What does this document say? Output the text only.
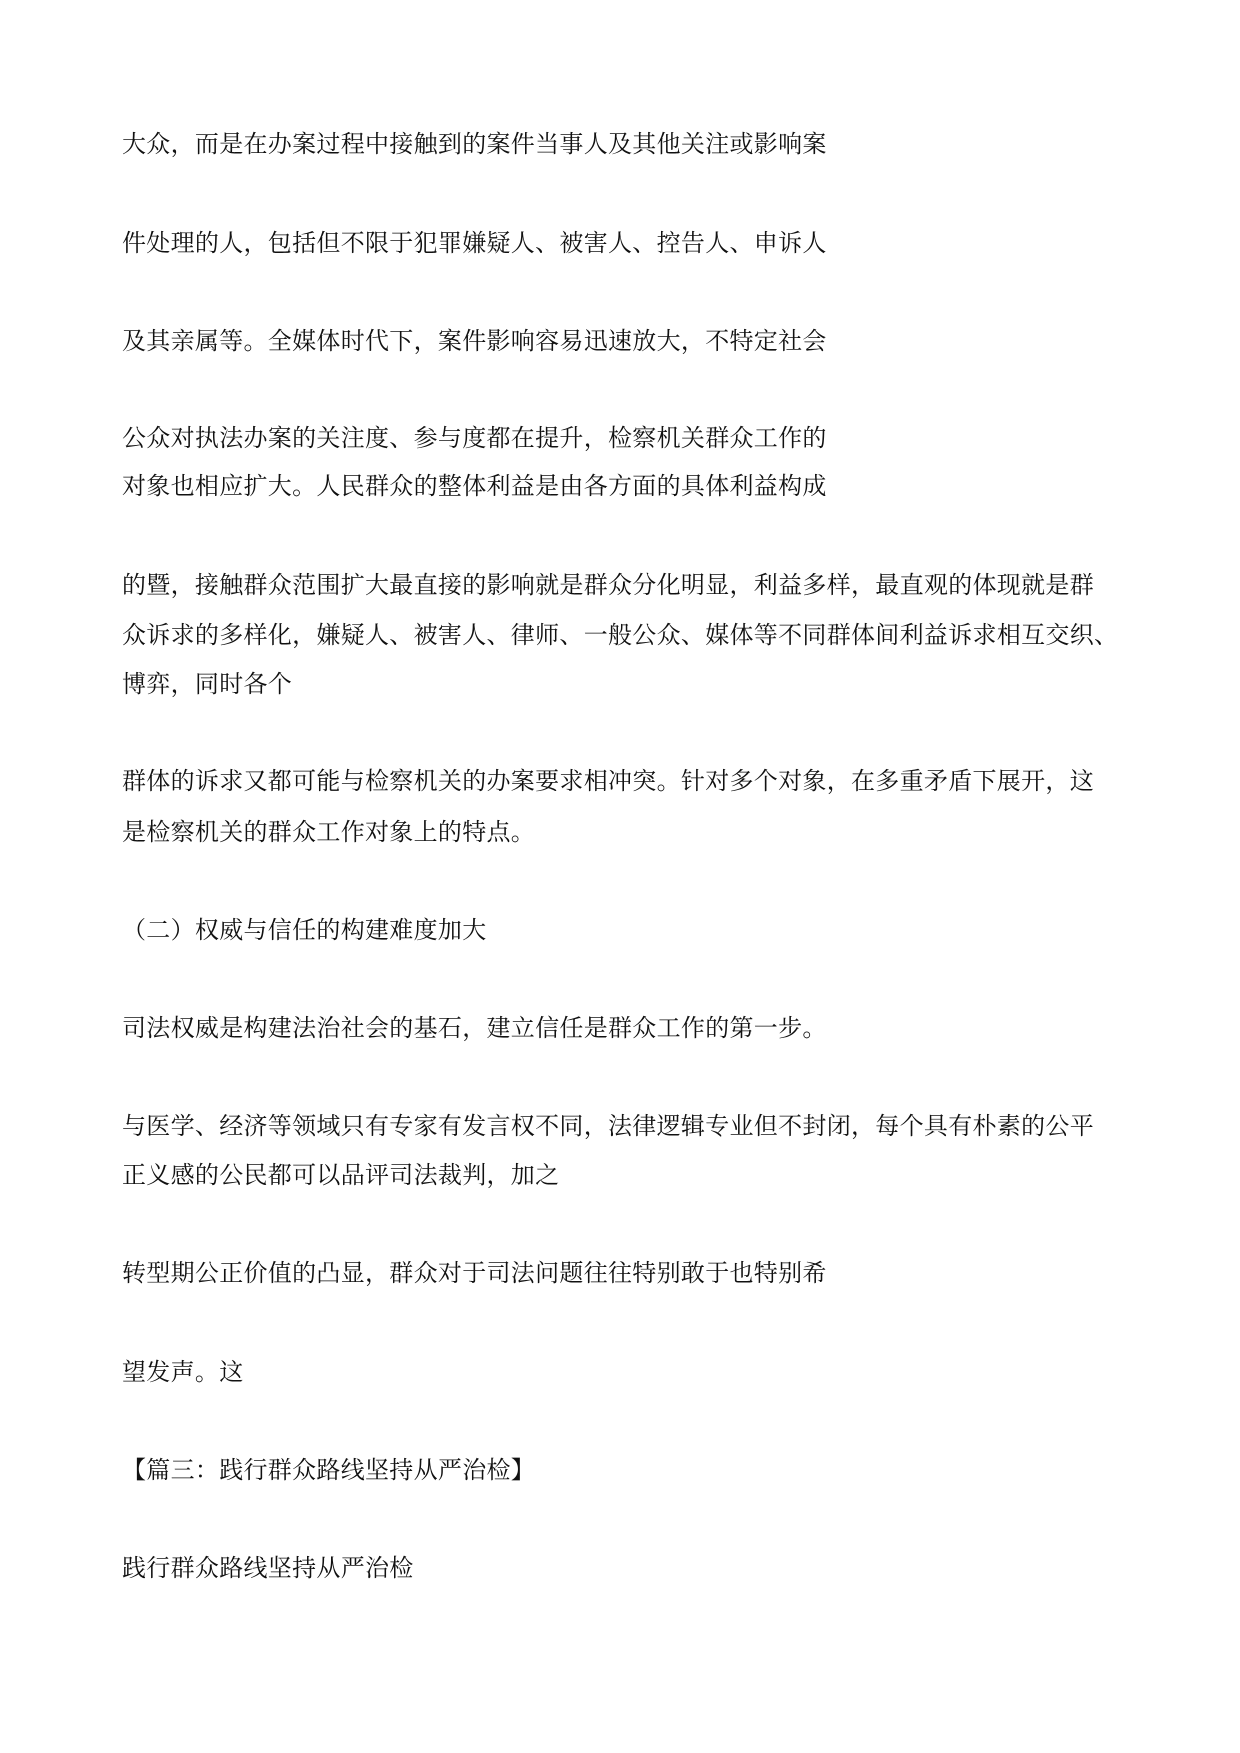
大众，而是在办案过程中接触到的案件当事人及其他关注或影响案
件处理的人，包括但不限于犯罪嫌疑人、被害人、控告人、申诉人
及其亲属等。全媒体时代下，案件影响容易迅速放大，不特定社会
公众对执法办案的关注度、参与度都在提升，检察机关群众工作的
对象也相应扩大。人民群众的整体利益是由各方面的具体利益构成
的暨，接触群众范围扩大最直接的影响就是群众分化明显，利益多样，最直观的体现就是群
众诉求的多样化，嫌疑人、被害人、律师、一般公众、媒体等不同群体间利益诉求相互交织、
博弈，同时各个
群体的诉求又都可能与检察机关的办案要求相冲突。针对多个对象，在多重矛盾下展开，这
是检察机关的群众工作对象上的特点。
（二）权威与信任的构建难度加大
司法权威是构建法治社会的基石，建立信任是群众工作的第一步。
与医学、经济等领域只有专家有发言权不同，法律逻辑专业但不封闭，每个具有朴素的公平
正义感的公民都可以品评司法裁判，加之
转型期公正价值的凸显，群众对于司法问题往往特别敢于也特别希
望发声。这
【篇三：践行群众路线坚持从严治检】
践行群众路线坚持从严治检
